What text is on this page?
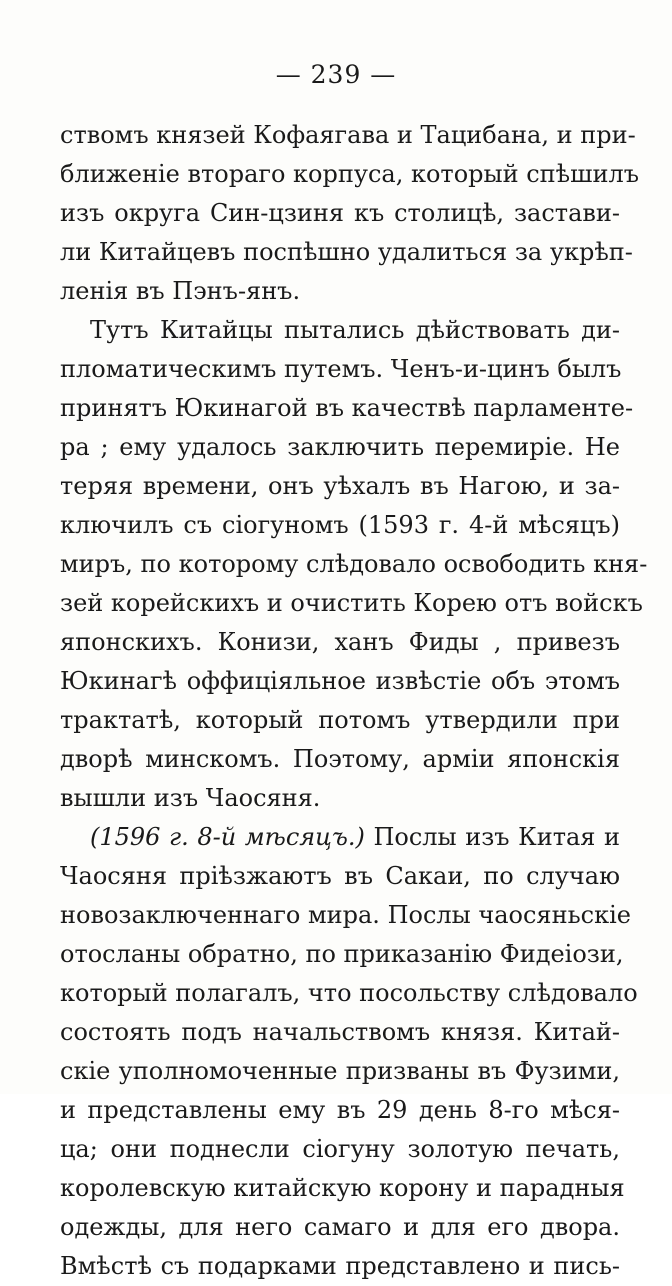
— 239 —
ствомъ князей Кофаягава и Тацибана, и при-
ближеніе втораго корпуса, который спѣшилъ
изъ округа Син-цзиня къ столицѣ, застави-
ли Китайцевъ поспѣшно удалиться за укрѣп-
ленія въ Пэнъ-янъ.
Тутъ Китайцы пытались дѣйствовать ди-
пломатическимъ путемъ. Ченъ-и-цинъ былъ
принятъ Юкинагой въ качествѣ парламенте-
ра ; ему удалось заключить перемиріе. Не
теряя времени, онъ уѣхалъ въ Нагою, и за-
ключилъ съ сіогуномъ (1593 г. 4-й мѣсяцъ)
миръ, по которому слѣдовало освободить кня-
зей корейскихъ и очистить Корею отъ войскъ
японскихъ. Конизи, ханъ Фиды , привезъ
Юкинагѣ оффиціяльное извѣстіе объ этомъ
трактатѣ, который потомъ утвердили при
дворѣ минскомъ. Поэтому, арміи японскія
вышли изъ Чаосяня.
(1596 г. 8-й мѣсяцъ.) Послы изъ Китая и
Чаосяня пріѣзжаютъ въ Сакаи, по случаю
новозаключеннаго мира. Послы чаосяньскіе
отосланы обратно, по приказанію Фидеіози,
который полагалъ, что посольству слѣдовало
состоять подъ начальствомъ князя. Китай-
скіе уполномоченные призваны въ Фузими,
и представлены ему въ 29 день 8-го мѣся-
ца; они поднесли сіогуну золотую печать,
королевскую китайскую корону и парадныя
одежды, для него самаго и для его двора.
Вмѣстѣ съ подарками представлено и пись-
